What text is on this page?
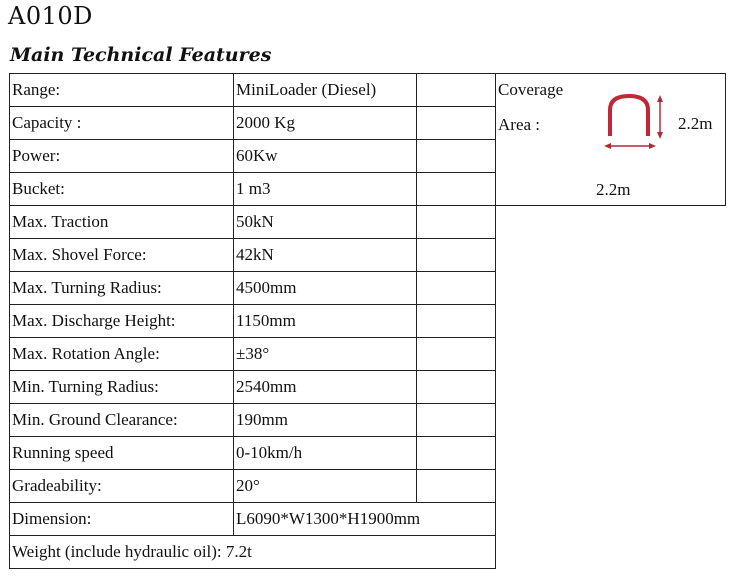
A010D
Main Technical Features
Range:	MiniLoader (Diesel)		Coverage
Area : 2.2m
2.2m

Capacity :	2000 Kg		
Power:	60Kw		
Bucket:	1 m3		
Max. Traction	50kN		
Max. Shovel Force:	42kN		
Max. Turning Radius:	4500mm		
Max. Discharge Height:	1150mm		
Max. Rotation Angle:	±38°		
Min. Turning Radius:	2540mm		
Min. Ground Clearance:	190mm		
Running speed	0-10km/h		
Gradeability:	20°		
Dimension:	L6090*W1300*H1900mm		
Weight (include hydraulic oil): 7.2t			
